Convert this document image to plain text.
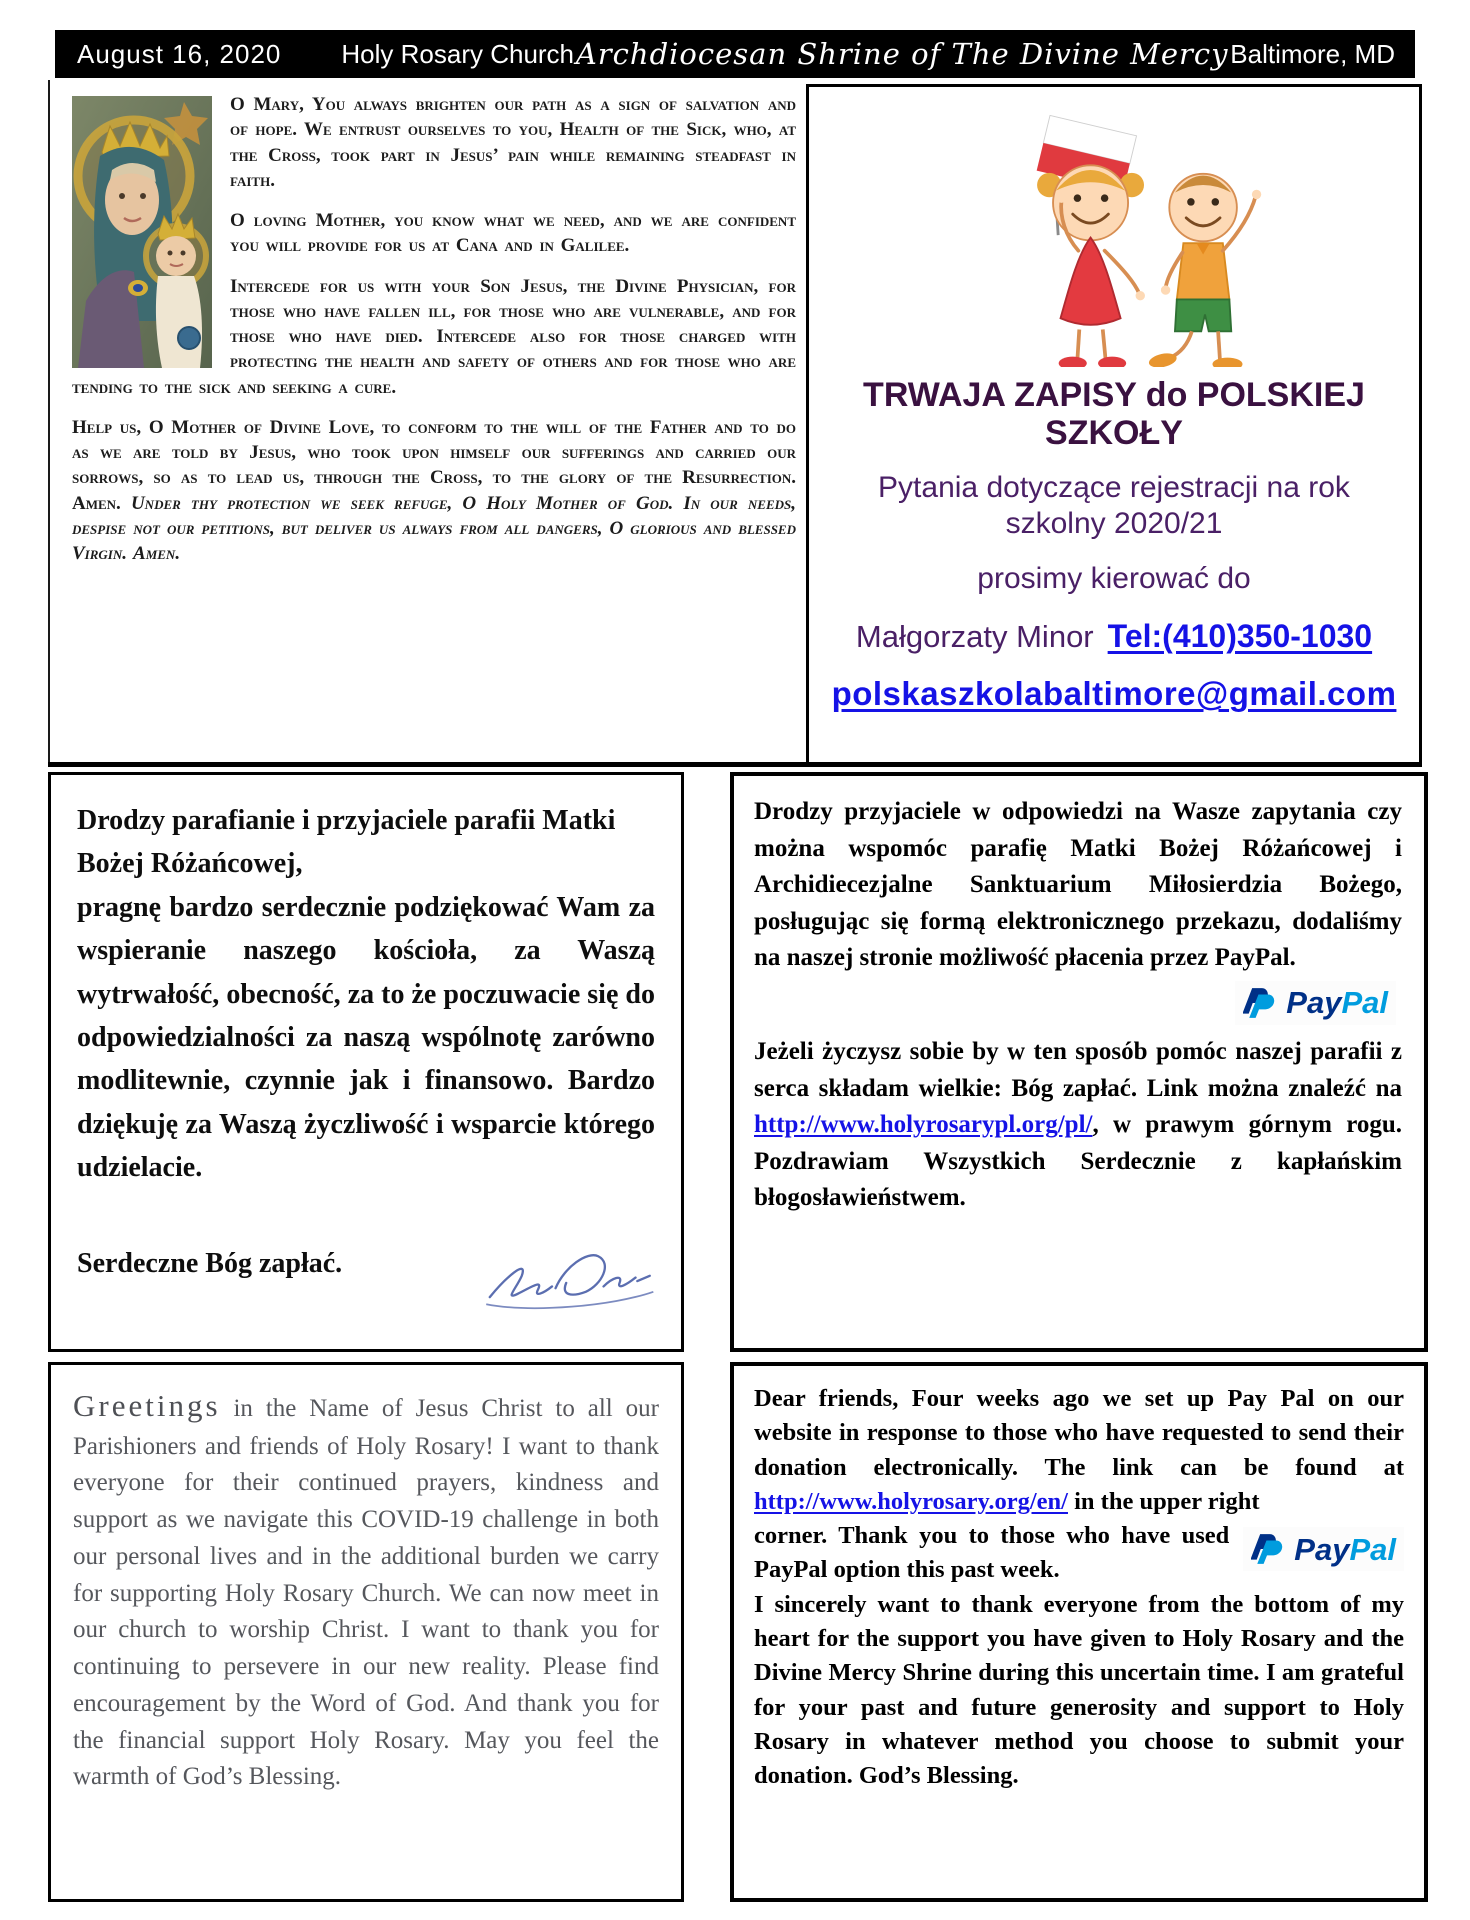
August 16, 2020 Holy Rosary Church Archdiocesan Shrine of The Divine Mercy Baltimore, MD

O Mary, You always brighten our path as a sign of salvation and of hope. We entrust ourselves to you, Health of the Sick, who, at the Cross, took part in Jesus’ pain while remaining steadfast in faith.

O loving Mother, you know what we need, and we are confident you will provide for us at Cana and in Galilee.

Intercede for us with your Son Jesus, the Divine Physician, for those who have fallen ill, for those who are vulnerable, and for those who have died. Intercede also for those charged with protecting the health and safety of others and for those who are tending to the sick and seeking a cure.

Help us, O Mother of Divine Love, to conform to the will of the Father and to do as we are told by Jesus, who took upon himself our sufferings and carried our sorrows, so as to lead us, through the Cross, to the glory of the Resurrection. Amen. Under thy protection we seek refuge, O Holy Mother of God. In our needs, despise not our petitions, but deliver us always from all dangers, O glorious and blessed Virgin. Amen.

TRWAJA ZAPISY do POLSKIEJ SZKOŁY
Pytania dotyczące rejestracji na rok szkolny 2020/21
prosimy kierować do
Małgorzaty Minor Tel:(410)350-1030
polskaszkolabaltimore@gmail.com
Drodzy parafianie i przyjaciele parafii Matki Bożej Różańcowej,
pragnę bardzo serdecznie podziękować Wam za wspieranie naszego kościoła, za Waszą wytrwałość, obecność, za to że poczuwacie się do odpowiedzialności za naszą wspólnotę zarówno modlitewnie, czynnie jak i finansowo. Bardzo dziękuję za Waszą życzliwość i wsparcie którego udzielacie.
Serdeczne Bóg zapłać.

Drodzy przyjaciele w odpowiedzi na Wasze zapytania czy można wspomóc parafię Matki Bożej Różańcowej i Archidiecezjalne Sanktuarium Miłosierdzia Bożego, posługując się formą elektronicznego przekazu, dodaliśmy na naszej stronie możliwość płacenia przez PayPal.

Pay Pal

Jeżeli życzysz sobie by w ten sposób pomóc naszej parafii z serca składam wielkie: Bóg zapłać. Link można znaleźć na http://www.holyrosarypl.org/pl/, w prawym górnym rogu. Pozdrawiam Wszystkich Serdecznie z kapłańskim błogosławieństwem.

Greetings in the Name of Jesus Christ to all our Parishioners and friends of Holy Rosary! I want to thank everyone for their continued prayers, kindness and support as we navigate this COVID-19 challenge in both our personal lives and in the additional burden we carry for supporting Holy Rosary Church. We can now meet in our church to worship Christ. I want to thank you for continuing to persevere in our new reality. Please find encouragement by the Word of God. And thank you for the financial support Holy Rosary. May you feel the warmth of God’s Blessing.

Dear friends, Four weeks ago we set up Pay Pal on our website in response to those who have requested to send their donation electronically. The link can be found at http://www.holyrosary.org/en/ in the upper right

Pay Pal
corner. Thank you to those who have used PayPal option this past week.

I sincerely want to thank everyone from the bottom of my heart for the support you have given to Holy Rosary and the Divine Mercy Shrine during this uncertain time. I am grateful for your past and future generosity and support to Holy Rosary in whatever method you choose to submit your donation. God’s Blessing.
